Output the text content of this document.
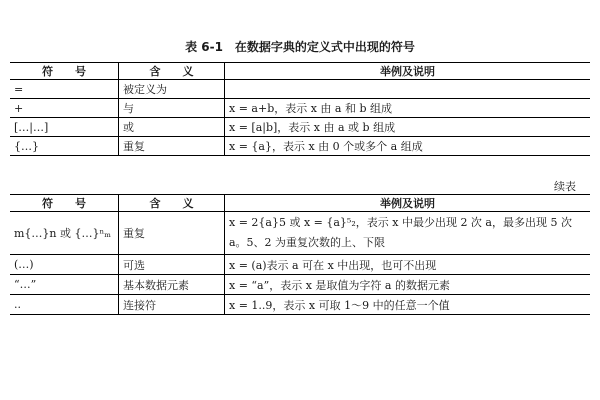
表 6-1　在数据字典的定义式中出现的符号
符　　号	含　　义	举例及说明
=	被定义为	
+	与	x = a+b，表示 x 由 a 和 b 组成
[…|…]	或	x = [a|b]，表示 x 由 a 或 b 组成
{…}	重复	x = {a}，表示 x 由 0 个或多个 a 组成
续表
符　　号	含　　义	举例及说明
m{…}n 或 {…}ⁿₘ	重复	x = 2{a}5 或 x = {a}⁵₂，表示 x 中最少出现 2 次 a，最多出现 5 次 a。5、2 为重复次数的上、下限
(…)	可选	x = (a)表示 a 可在 x 中出现，也可不出现
“…”	基本数据元素	x = “a”，表示 x 是取值为字符 a 的数据元素
..	连接符	x = 1..9，表示 x 可取 1～9 中的任意一个值
